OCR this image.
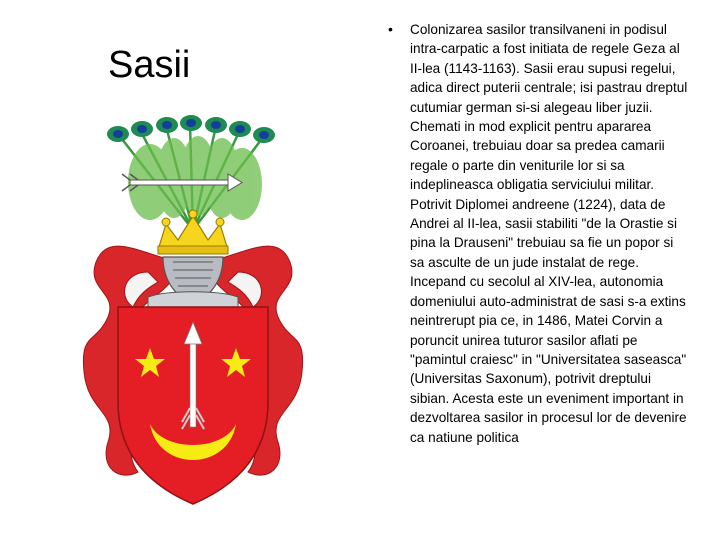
Sasii
•	Colonizarea sasilor transilvaneni in podisul intra-carpatic a fost initiata de regele Geza al II-lea (1143-1163). Sasii erau supusi regelui, adica direct puterii centrale; isi pastrau dreptul cutumiar german si-si alegeau liber juzii. Chemati in mod explicit pentru apararea Coroanei, trebuiau doar sa predea camarii regale o parte din veniturile lor si sa indeplineasca obligatia serviciului militar. Potrivit Diplomei andreene (1224), data de Andrei al II-lea, sasii stabiliti "de la Orastie si pina la Drauseni" trebuiau sa fie un popor si sa asculte de un jude instalat de rege. Incepand cu secolul al XIV-lea, autonomia domeniului auto-administrat de sasi s-a extins neintrerupt pia ce, in 1486, Matei Corvin a poruncit unirea tuturor sasilor aflati pe "pamintul craiesc" in "Universitatea saseasca" (Universitas Saxonum), potrivit dreptului sibian. Acesta este un eveniment important in dezvoltarea sasilor in procesul lor de devenire ca natiune politica
